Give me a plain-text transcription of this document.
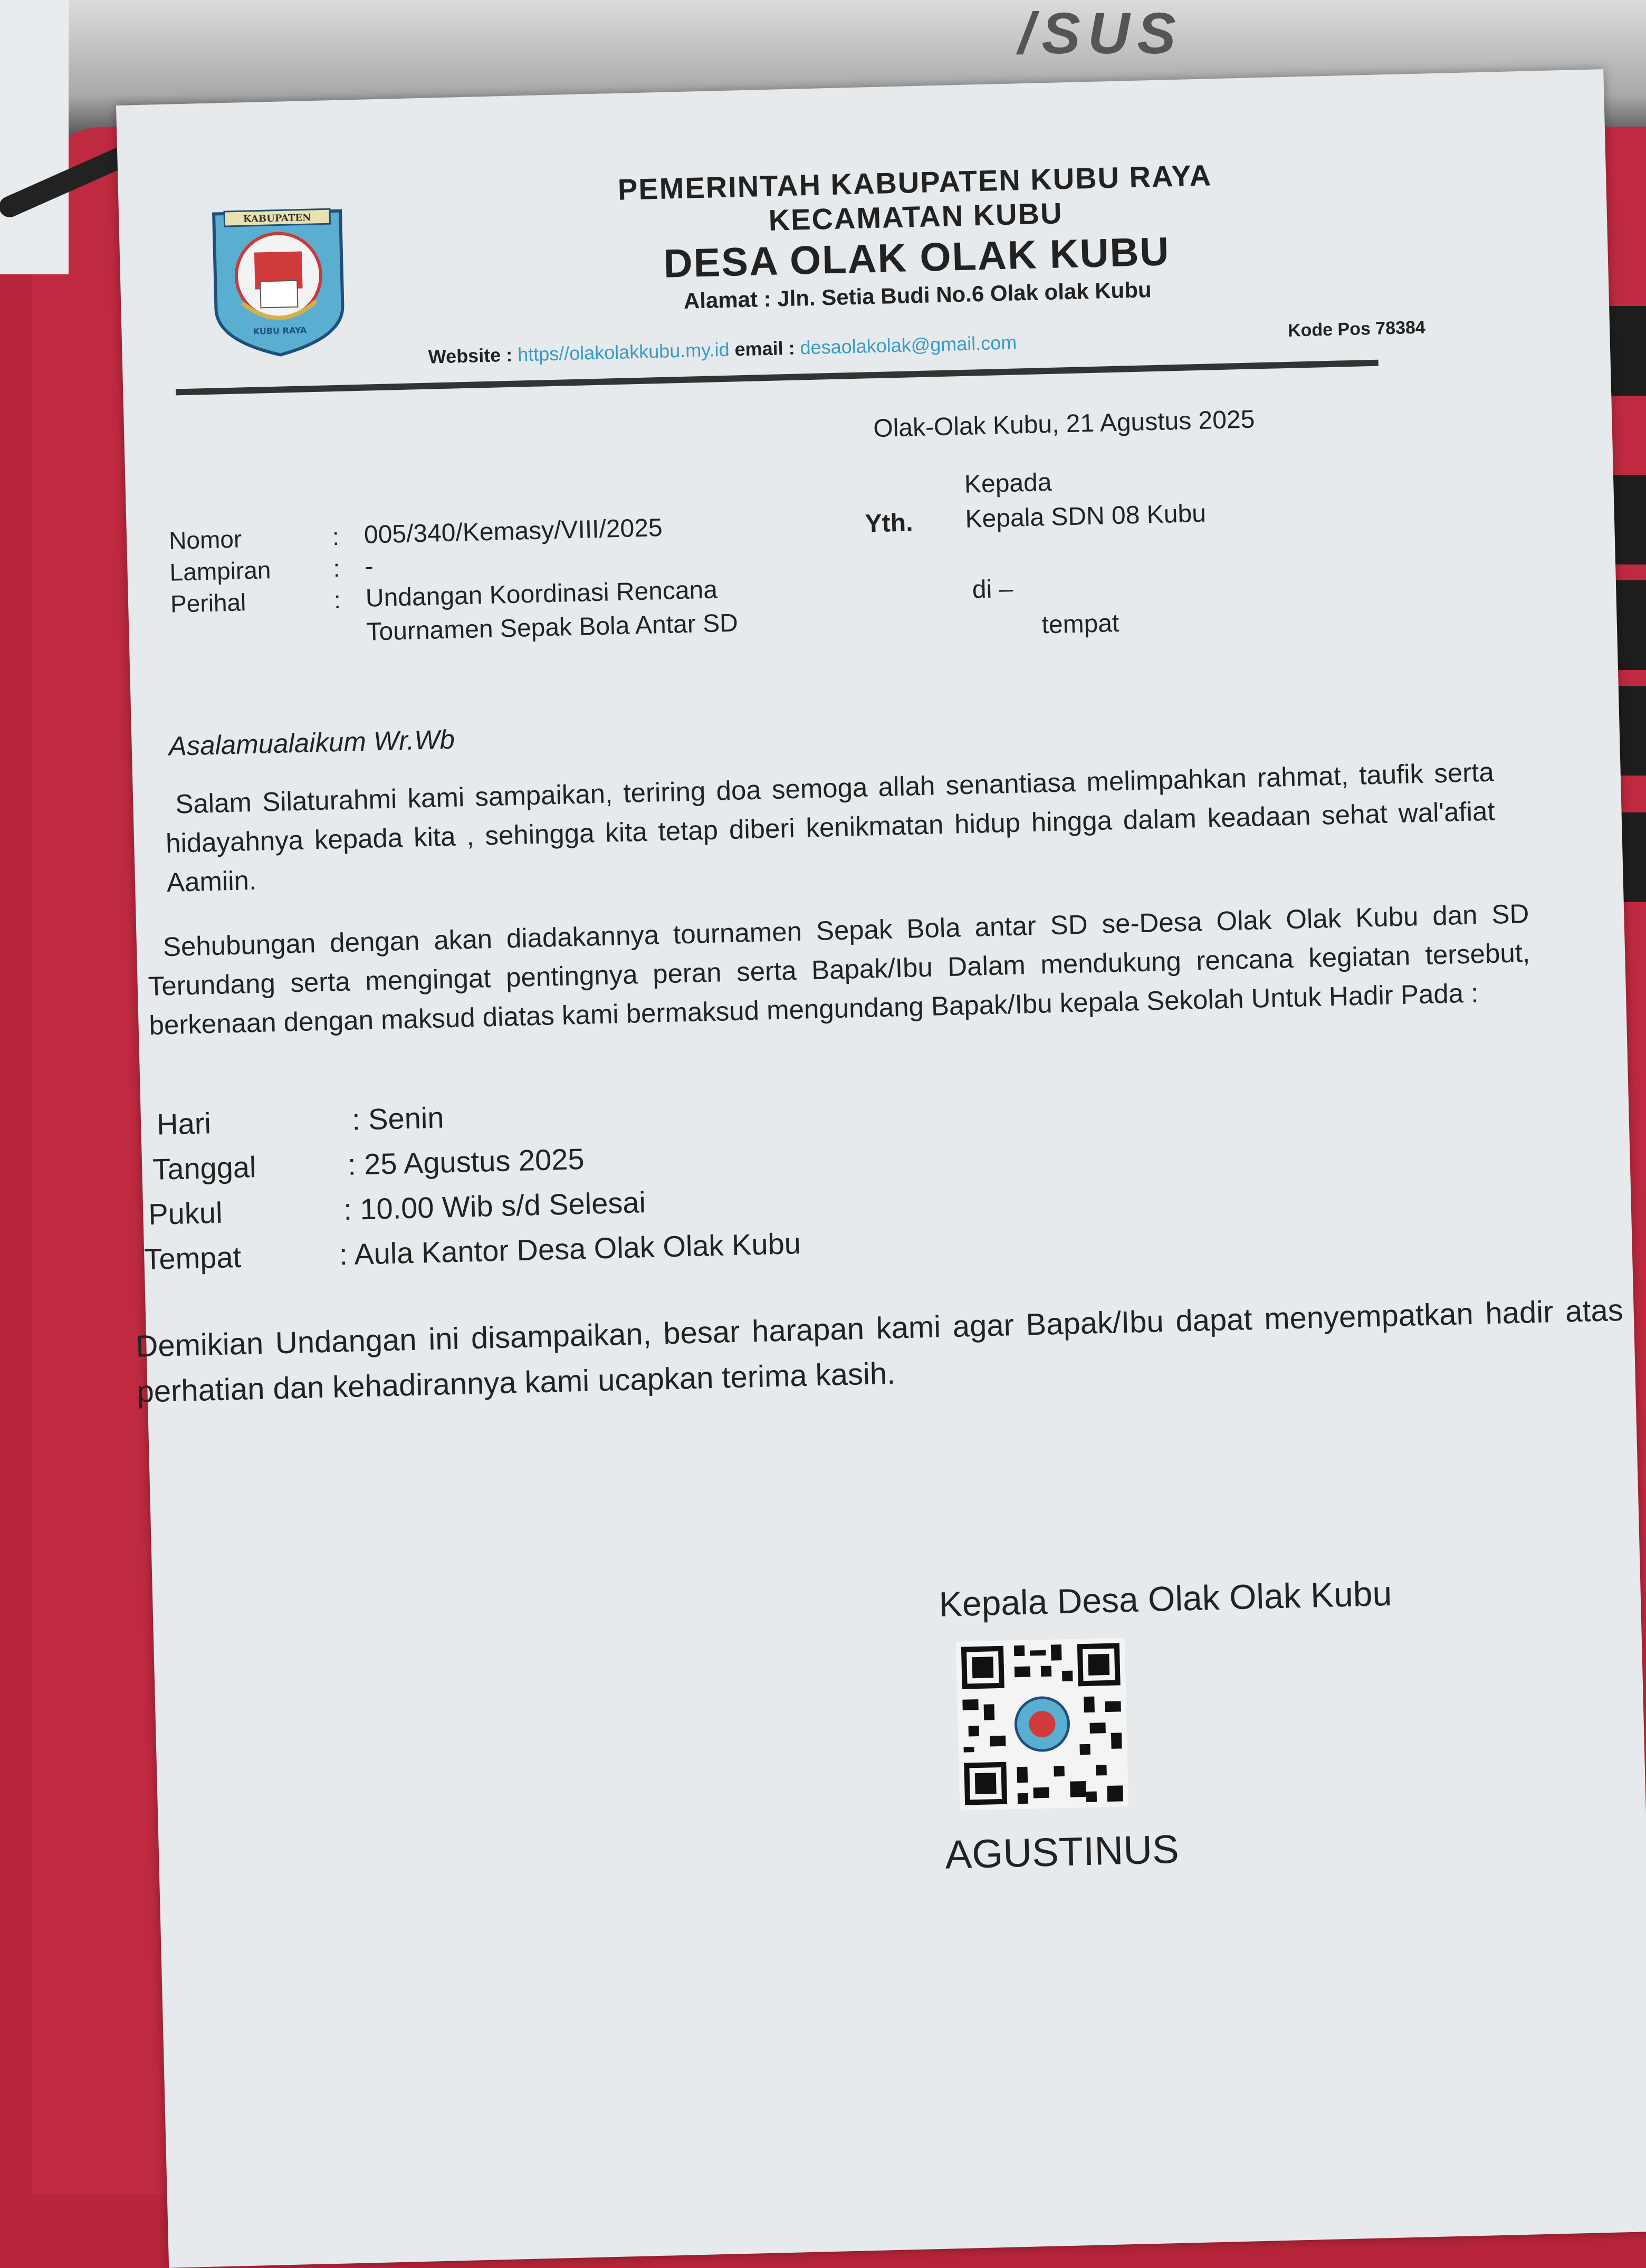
/SUS
KABUPATEN
KUBU RAYA
PEMERINTAH KABUPATEN KUBU RAYA
KECAMATAN KUBU
DESA OLAK OLAK KUBU
Alamat : Jln. Setia Budi No.6 Olak olak Kubu
Website : https//olakolakkubu.my.id email : desaolakolak@gmail.com
Kode Pos 78384
Olak-Olak Kubu, 21 Agustus 2025
Nomor	: 005/340/Kemasy/VIII/2025
Lampiran	: -
Perihal	: Undangan Koordinasi Rencana
Tournamen Sepak Bola Antar SD
Kepada
Yth. Kepala SDN 08 Kubu
di –
tempat
Asalamualaikum Wr.Wb
Salam Silaturahmi kami sampaikan, teriring doa semoga allah senantiasa melimpahkan rahmat, taufik serta hidayahnya kepada kita , sehingga kita tetap diberi kenikmatan hidup hingga dalam keadaan sehat wal'afiat Aamiin.
Sehubungan dengan akan diadakannya tournamen Sepak Bola antar SD se-Desa Olak Olak Kubu dan SD Terundang serta mengingat pentingnya peran serta Bapak/Ibu Dalam mendukung rencana kegiatan tersebut, berkenaan dengan maksud diatas kami bermaksud mengundang Bapak/Ibu kepala Sekolah Untuk Hadir Pada :
Hari	: Senin
Tanggal	: 25 Agustus 2025
Pukul	: 10.00 Wib s/d Selesai
Tempat	: Aula Kantor Desa Olak Olak Kubu
Demikian Undangan ini disampaikan, besar harapan kami agar Bapak/Ibu dapat menyempatkan hadir atas perhatian dan kehadirannya kami ucapkan terima kasih.
Kepala Desa Olak Olak Kubu
AGUSTINUS
